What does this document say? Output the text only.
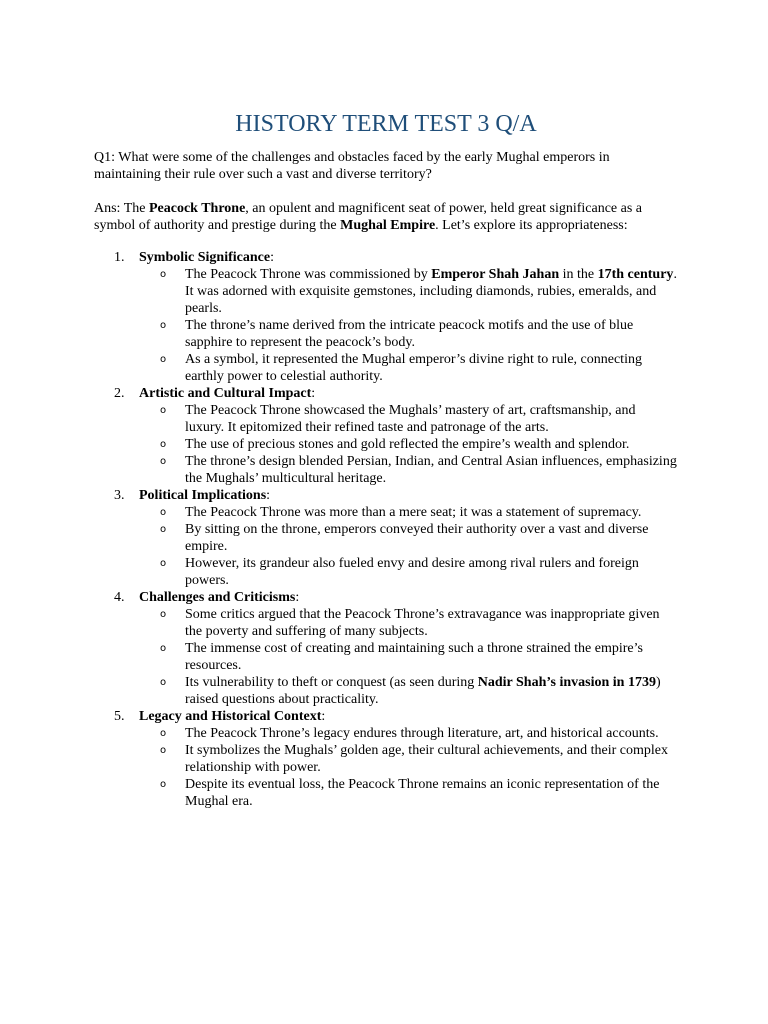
HISTORY TERM TEST 3 Q/A

Q1: What were some of the challenges and obstacles faced by the early Mughal emperors in maintaining their rule over such a vast and diverse territory?

Ans: The Peacock Throne, an opulent and magnificent seat of power, held great significance as a symbol of authority and prestige during the Mughal Empire. Let’s explore its appropriateness:

1. Symbolic Significance:
o The Peacock Throne was commissioned by Emperor Shah Jahan in the 17th century. It was adorned with exquisite gemstones, including diamonds, rubies, emeralds, and pearls.
o The throne’s name derived from the intricate peacock motifs and the use of blue sapphire to represent the peacock’s body.
o As a symbol, it represented the Mughal emperor’s divine right to rule, connecting earthly power to celestial authority.
2. Artistic and Cultural Impact:
o The Peacock Throne showcased the Mughals’ mastery of art, craftsmanship, and luxury. It epitomized their refined taste and patronage of the arts.
o The use of precious stones and gold reflected the empire’s wealth and splendor.
o The throne’s design blended Persian, Indian, and Central Asian influences, emphasizing the Mughals’ multicultural heritage.
3. Political Implications:
o The Peacock Throne was more than a mere seat; it was a statement of supremacy.
o By sitting on the throne, emperors conveyed their authority over a vast and diverse empire.
o However, its grandeur also fueled envy and desire among rival rulers and foreign powers.
4. Challenges and Criticisms:
o Some critics argued that the Peacock Throne’s extravagance was inappropriate given the poverty and suffering of many subjects.
o The immense cost of creating and maintaining such a throne strained the empire’s resources.
o Its vulnerability to theft or conquest (as seen during Nadir Shah’s invasion in 1739) raised questions about practicality.
5. Legacy and Historical Context:
o The Peacock Throne’s legacy endures through literature, art, and historical accounts.
o It symbolizes the Mughals’ golden age, their cultural achievements, and their complex relationship with power.
o Despite its eventual loss, the Peacock Throne remains an iconic representation of the Mughal era.
